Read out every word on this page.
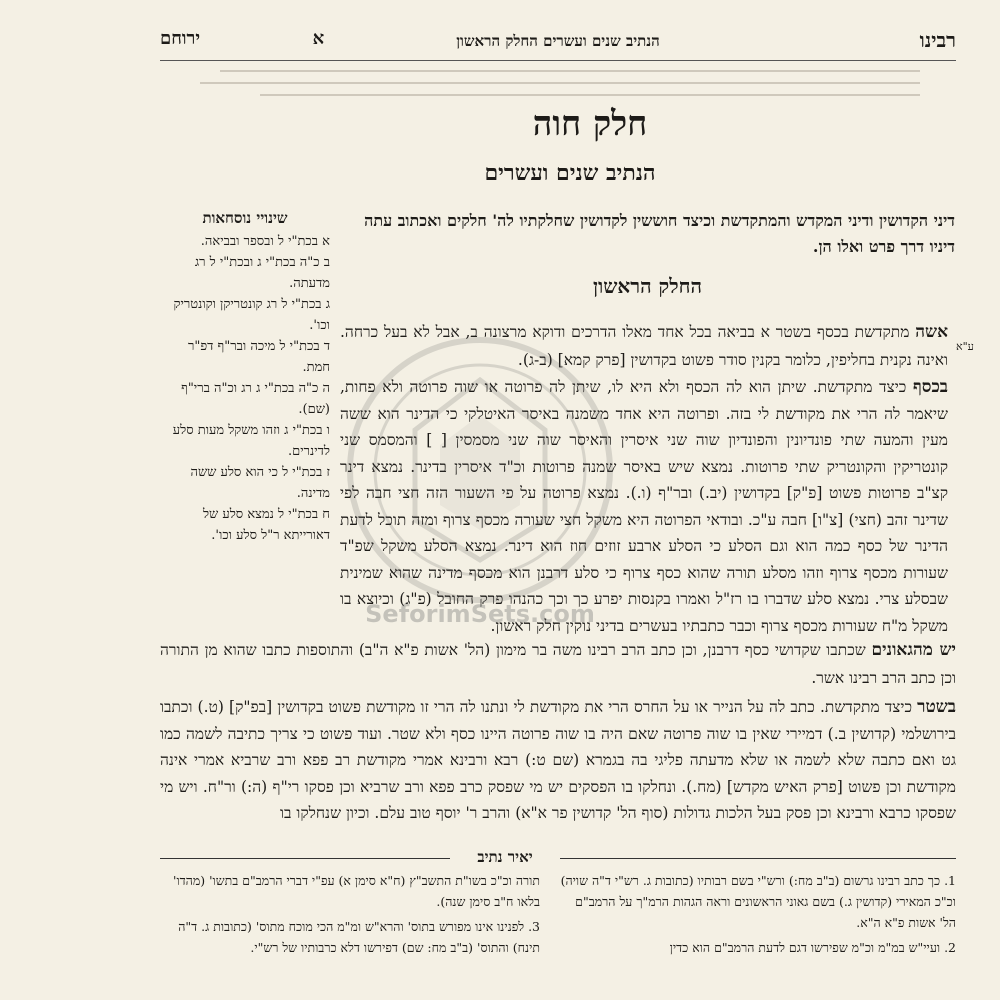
רבינו
הנתיב שנים ועשרים החלק הראשון
א  ירוחם
חלק חוה
הנתיב שנים ועשרים
דיני הקדושין ודיני המקדש והמתקדשת וכיצד חוששין לקדושין שחלקתיו לה' חלקים ואכתוב עתה דיניו דרך פרט ואלו הן.
החלק הראשון
ע"א
אשה מתקדשת בכסף בשטר א בביאה בכל אחד מאלו הדרכים ודוקא מרצונה ב, אבל לא בעל כרחה. ואינה נקנית בחליפין, כלומר בקנין סודר פשוט בקדושין [פרק קמא] (ב-ג).
בכסף כיצד מתקדשת. שיתן הוא לה הכסף ולא היא לו, שיתן לה פרוטה או שוה פרוטה ולא פחות, שיאמר לה הרי את מקודשת לי בזה. ופרוטה היא אחד משמנה באיסר האיטלקי כי הדינר הוא ששה מעין והמעה שתי פונדיונין והפונדיון שוה שני איסרין והאיסר שוה שני מסמסין [ ] והמסמס שני קונטריקין והקונטריק שתי פרוטות. נמצא שיש באיסר שמנה פרוטות וכ"ד איסרין בדינר. נמצא דינר קצ"ב פרוטות פשוט [פ"ק] בקדושין (יב.) ובר"ף (ו.). נמצא פרוטה על פי השעור הזה חצי חבה לפי שדינר זהב (חצי) [צ"ו] חבה ע"כ. ובודאי הפרוטה היא משקל חצי שעורה מכסף צרוף ומזה תוכל לדעת הדינר של כסף כמה הוא וגם הסלע כי הסלע ארבע זוזים חוז הוא דינר. נמצא הסלע משקל שפ"ד שעורות מכסף צרוף וזהו מסלע תורה שהוא כסף צרוף כי סלע דרבנן הוא מכסף מדינה שהוא שמינית שבסלע צרי. נמצא סלע שדברו בו רז"ל ואמרו בקנסות יפרע כך וכך כהנהו פרק החובל (פ"ג) וכיוצא בו משקל מ"ח שעורות מכסף צרוף וכבר כתבתיו בעשרים בדיני נוקין חלק ראשון.
יש מהגאונים שכתבו שקדושי כסף דרבנן, וכן כתב הרב רבינו משה בר מימון (הל' אשות פ"א ה"ב) והתוספות כתבו שהוא מן התורה וכן כתב הרב רבינו אשר.
בשטר כיצד מתקדשת. כתב לה על הנייר או על החרס הרי את מקודשת לי ונתנו לה הרי זו מקודשת פשוט בקדושין [בפ"ק] (ט.) וכתבו בירושלמי (קדושין ב.) דמיירי שאין בו שוה פרוטה שאם היה בו שוה פרוטה היינו כסף ולא שטר. ועוד פשוט כי צריך כתיבה לשמה כמו גט ואם כתבה שלא לשמה או שלא מדעתה פליגי בה בגמרא (שם ט:) רבא ורבינא אמרי מקודשת רב פפא ורב שרביא אמרי אינה מקודשת וכן פשוט [פרק האיש מקדש] (מח.). ונחלקו בו הפסקים יש מי שפסק כרב פפא ורב שרביא וכן פסקו רי"ף (ה:) ור"ח. ויש מי שפסקו כרבא ורבינא וכן פסק בעל הלכות גדולות (סוף הל' קדושין פר א"א) והרב ר' יוסף טוב עלם. וכיון שנחלקו בו
שינויי נוסחאות

א בכת"י ל ובספר ובביאה.

ב כ"ה בכת"י ג ובכת"י ל רג מדעתה.

ג בכת"י ל רג קונטריקן וקונטריק וכו'.

ד בכת"י ל מיכה ובר"ף דפ"ר חמת.

ה כ"ה בכת"י ג רג וכ"ה ברי"ף (שם).

ו בכת"י ג וזהו משקל מעות סלע לדינרים.

ז בכת"י ל כי הוא סלע ששה מדינה.

ח בכת"י ל נמצא סלע של דאורייתא ר"ל סלע וכו'.

SeforimSets.com
יאיר נתיב

1. כך כתב רבינו גרשום (ב"ב מח:) ורש"י בשם רבותיו (כתובות ג. רש"י ד"ה שויה) וכ"כ המאירי (קדושין ג.) בשם גאוני הראשונים וראה הגהות הרמ"ך על הרמב"ם הל' אשות פ"א ה"א.

2. ועיי"ש במ"מ וכ"מ שפירשו דגם לדעת הרמב"ם הוא כדין

תורה וכ"כ בשו"ת התשב"ץ (ח"א סימן א) עפ"י דברי הרמב"ם בתשו' (מהדו' בלאו ח"ב סימן שנה).

3. לפנינו אינו מפורש בתוס' והרא"ש ומ"מ הכי מוכח מתוס' (כתובות ג. ד"ה תינח) והתוס' (ב"ב מח: שם) דפירשו דלא כרבותיו של רש"י.
